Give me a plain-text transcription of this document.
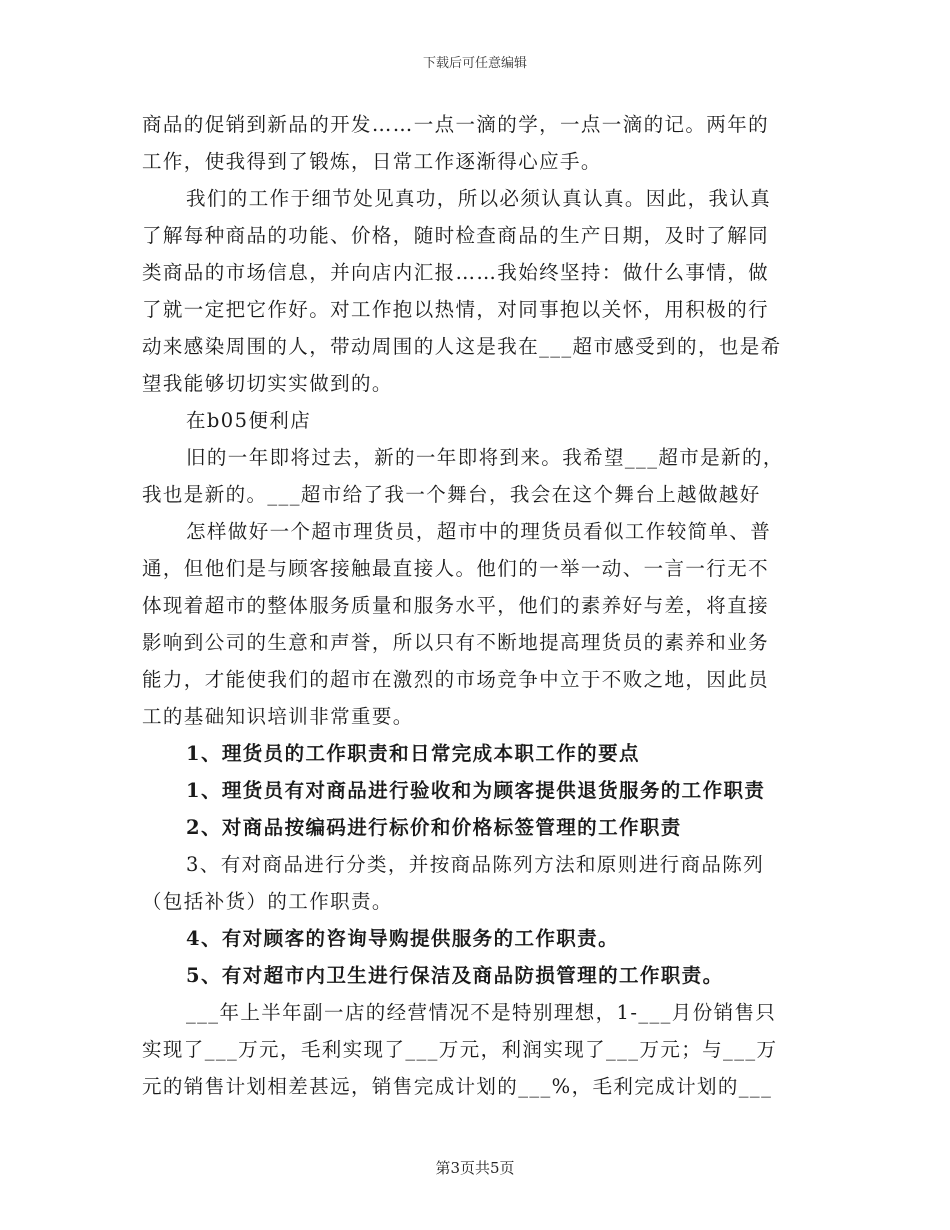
下载后可任意编辑

商品的促销到新品的开发……一点一滴的学，一点一滴的记。两年的

工作，使我得到了锻炼，日常工作逐渐得心应手。

我们的工作于细节处见真功，所以必须认真认真。因此，我认真

了解每种商品的功能、价格，随时检查商品的生产日期，及时了解同

类商品的市场信息，并向店内汇报……我始终坚持：做什么事情，做

了就一定把它作好。对工作抱以热情，对同事抱以关怀，用积极的行

动来感染周围的人，带动周围的人这是我在___超市感受到的，也是希

望我能够切切实实做到的。

在b05便利店

旧的一年即将过去，新的一年即将到来。我希望___超市是新的，

我也是新的。___超市给了我一个舞台，我会在这个舞台上越做越好

怎样做好一个超市理货员，超市中的理货员看似工作较简单、普

通，但他们是与顾客接触最直接人。他们的一举一动、一言一行无不

体现着超市的整体服务质量和服务水平，他们的素养好与差，将直接

影响到公司的生意和声誉，所以只有不断地提高理货员的素养和业务

能力，才能使我们的超市在激烈的市场竞争中立于不败之地，因此员

工的基础知识培训非常重要。

1、理货员的工作职责和日常完成本职工作的要点

1、理货员有对商品进行验收和为顾客提供退货服务的工作职责

2、对商品按编码进行标价和价格标签管理的工作职责

3、有对商品进行分类，并按商品陈列方法和原则进行商品陈列

（包括补货）的工作职责。

4、有对顾客的咨询导购提供服务的工作职责。

5、有对超市内卫生进行保洁及商品防损管理的工作职责。

___年上半年副一店的经营情况不是特别理想，1-___月份销售只

实现了___万元，毛利实现了___万元，利润实现了___万元；与___万

元的销售计划相差甚远，销售完成计划的___%，毛利完成计划的___

第3页共5页
